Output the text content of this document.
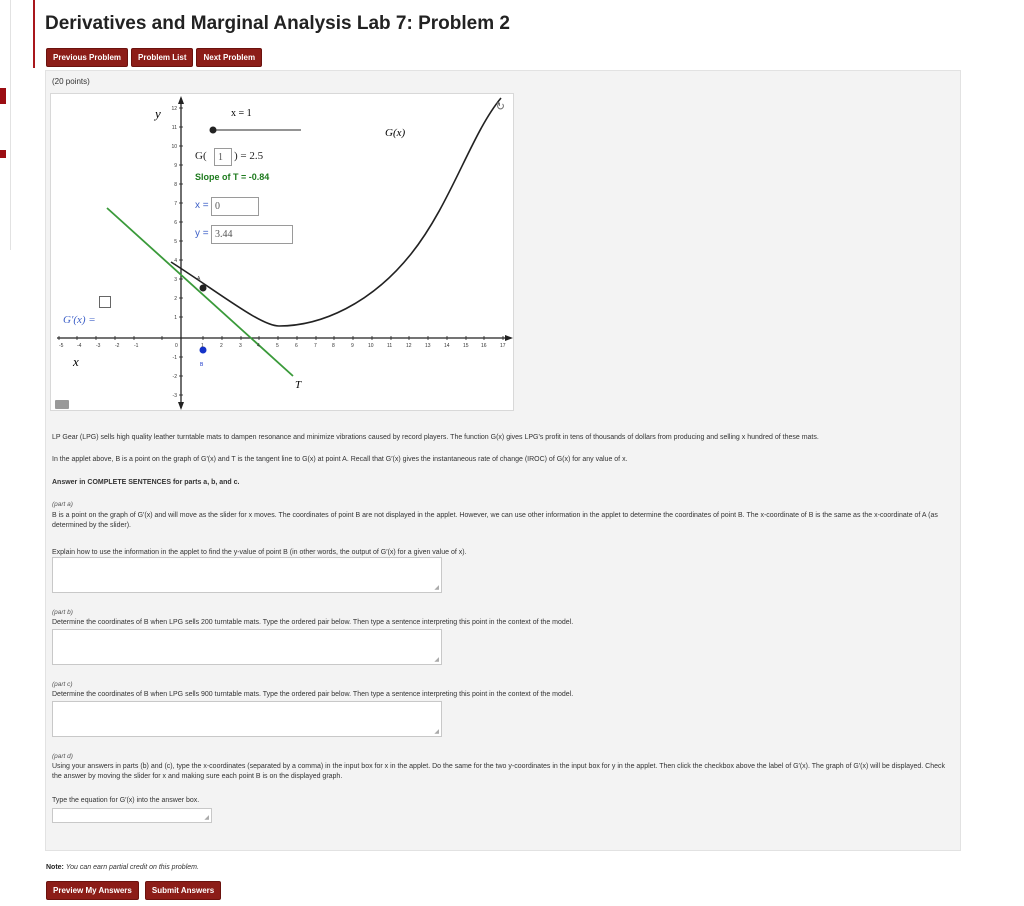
Derivatives and Marginal Analysis Lab 7: Problem 2
Previous Problem	Problem List	Next Problem
(20 points)
-5	-4	-3	-2	-1	0	1	2	3	4	5	6	7	8	9	10	11	12	13	14	15 16	17
-3
-2
-1
1
2
3
4
5
6
7
8
9
10
11
12
y
x
T
A
B
x = 1
G(x)
↻
G(	1	) = 2.5
Slope of T = -0.84
x = 0
y = 3.44
G′(x) =
LP Gear (LPG) sells high quality leather turntable mats to dampen resonance and minimize vibrations caused by record players. The function G(x) gives LPG's profit in tens of thousands of dollars from producing and selling x hundred of these mats.
In the applet above, B is a point on the graph of G′(x) and T is the tangent line to G(x) at point A. Recall that G′(x) gives the instantaneous rate of change (IROC) of G(x) for any value of x.
Answer in COMPLETE SENTENCES for parts a, b, and c.
(part a)
B is a point on the graph of G′(x) and will move as the slider for x moves. The coordinates of point B are not displayed in the applet. However, we can use other information in the applet to determine the coordinates of point B. The x-coordinate of B is the same as the x-coordinate of A (as determined by the slider).
Explain how to use the information in the applet to find the y-value of point B (in other words, the output of G′(x) for a given value of x).
◢
(part b)
Determine the coordinates of B when LPG sells 200 turntable mats. Type the ordered pair below. Then type a sentence interpreting this point in the context of the model.
◢
(part c)
Determine the coordinates of B when LPG sells 900 turntable mats. Type the ordered pair below. Then type a sentence interpreting this point in the context of the model.
◢
(part d)
Using your answers in parts (b) and (c), type the x-coordinates (separated by a comma) in the input box for x in the applet. Do the same for the two y-coordinates in the input box for y in the applet. Then click the checkbox above the label of G′(x). The graph of G′(x) will be displayed. Check the answer by moving the slider for x and making sure each point B is on the displayed graph.
Type the equation for G′(x) into the answer box.
◢
Note: You can earn partial credit on this problem.
Preview My Answers	Submit Answers
